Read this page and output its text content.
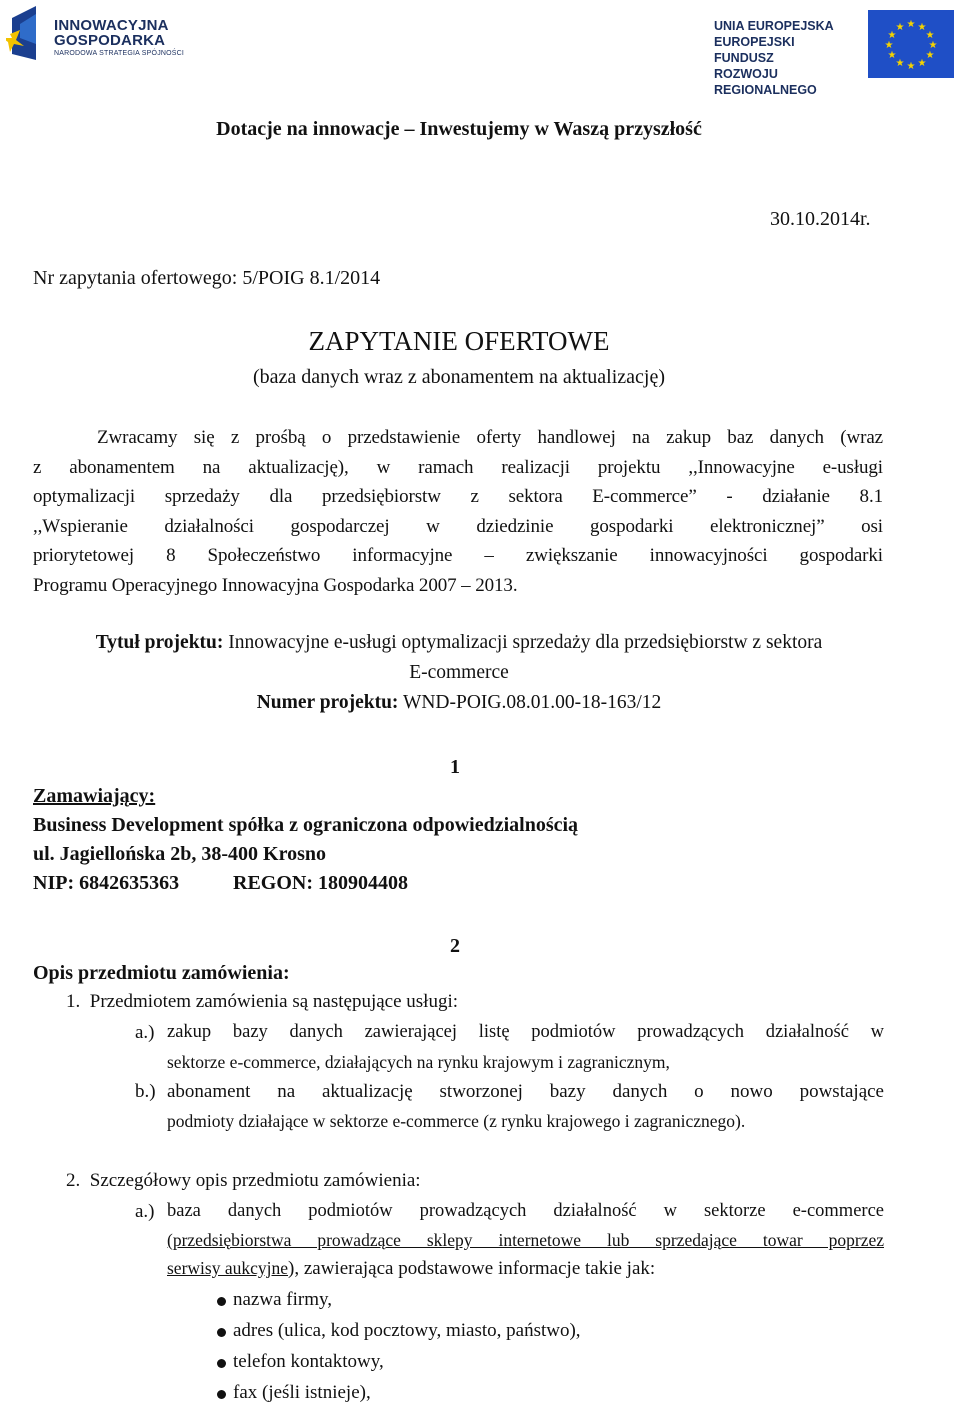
INNOWACYJNA
GOSPODARKA
NARODOWA STRATEGIA SPÓJNOŚCI
UNIA EUROPEJSKA
EUROPEJSKI FUNDUSZ
ROZWOJU REGIONALNEGO
★ ★
★
★
★
★
★
★
★
★
★
★
Dotacje na innowacje – Inwestujemy w Waszą przyszłość
30.10.2014r.
Nr zapytania ofertowego: 5/POIG 8.1/2014
ZAPYTANIE OFERTOWE
(baza danych wraz z abonamentem na aktualizację)
Zwracamy się z prośbą o przedstawienie oferty handlowej na zakup baz danych (wraz
z abonamentem na aktualizację), w ramach realizacji projektu ,,Innowacyjne e-usługi
optymalizacji sprzedaży dla przedsiębiorstw z sektora E-commerce” - działanie 8.1
,,Wspieranie działalności gospodarczej w dziedzinie gospodarki elektronicznej” osi
priorytetowej 8 Społeczeństwo informacyjne – zwiększanie innowacyjności gospodarki
Programu Operacyjnego Innowacyjna Gospodarka 2007 – 2013.
Tytuł projektu: Innowacyjne e-usługi optymalizacji sprzedaży dla przedsiębiorstw z sektora
E-commerce
Numer projektu: WND-POIG.08.01.00-18-163/12
1
Zamawiający:
Business Development spółka z ograniczona odpowiedzialnością
ul. Jagiellońska 2b, 38-400 Krosno
NIP: 6842635363	REGON: 180904408
2
Opis przedmiotu zamówienia:
1.  Przedmiotem zamówienia są następujące usługi:
a.) zakup bazy danych zawierającej listę podmiotów prowadzących działalność w
sektorze e-commerce, działających na rynku krajowym i zagranicznym,
b.) abonament na aktualizację stworzonej bazy danych o nowo powstające
podmioty działające w sektorze e-commerce (z rynku krajowego i zagranicznego).
2.  Szczegółowy opis przedmiotu zamówienia:
a.) baza danych podmiotów prowadzących działalność w sektorze e-commerce
(przedsiębiorstwa prowadzące sklepy internetowe lub sprzedające towar poprzez
serwisy aukcyjne), zawierająca podstawowe informacje takie jak:
nazwa firmy,
adres (ulica, kod pocztowy, miasto, państwo),
telefon kontaktowy,
fax (jeśli istnieje),
